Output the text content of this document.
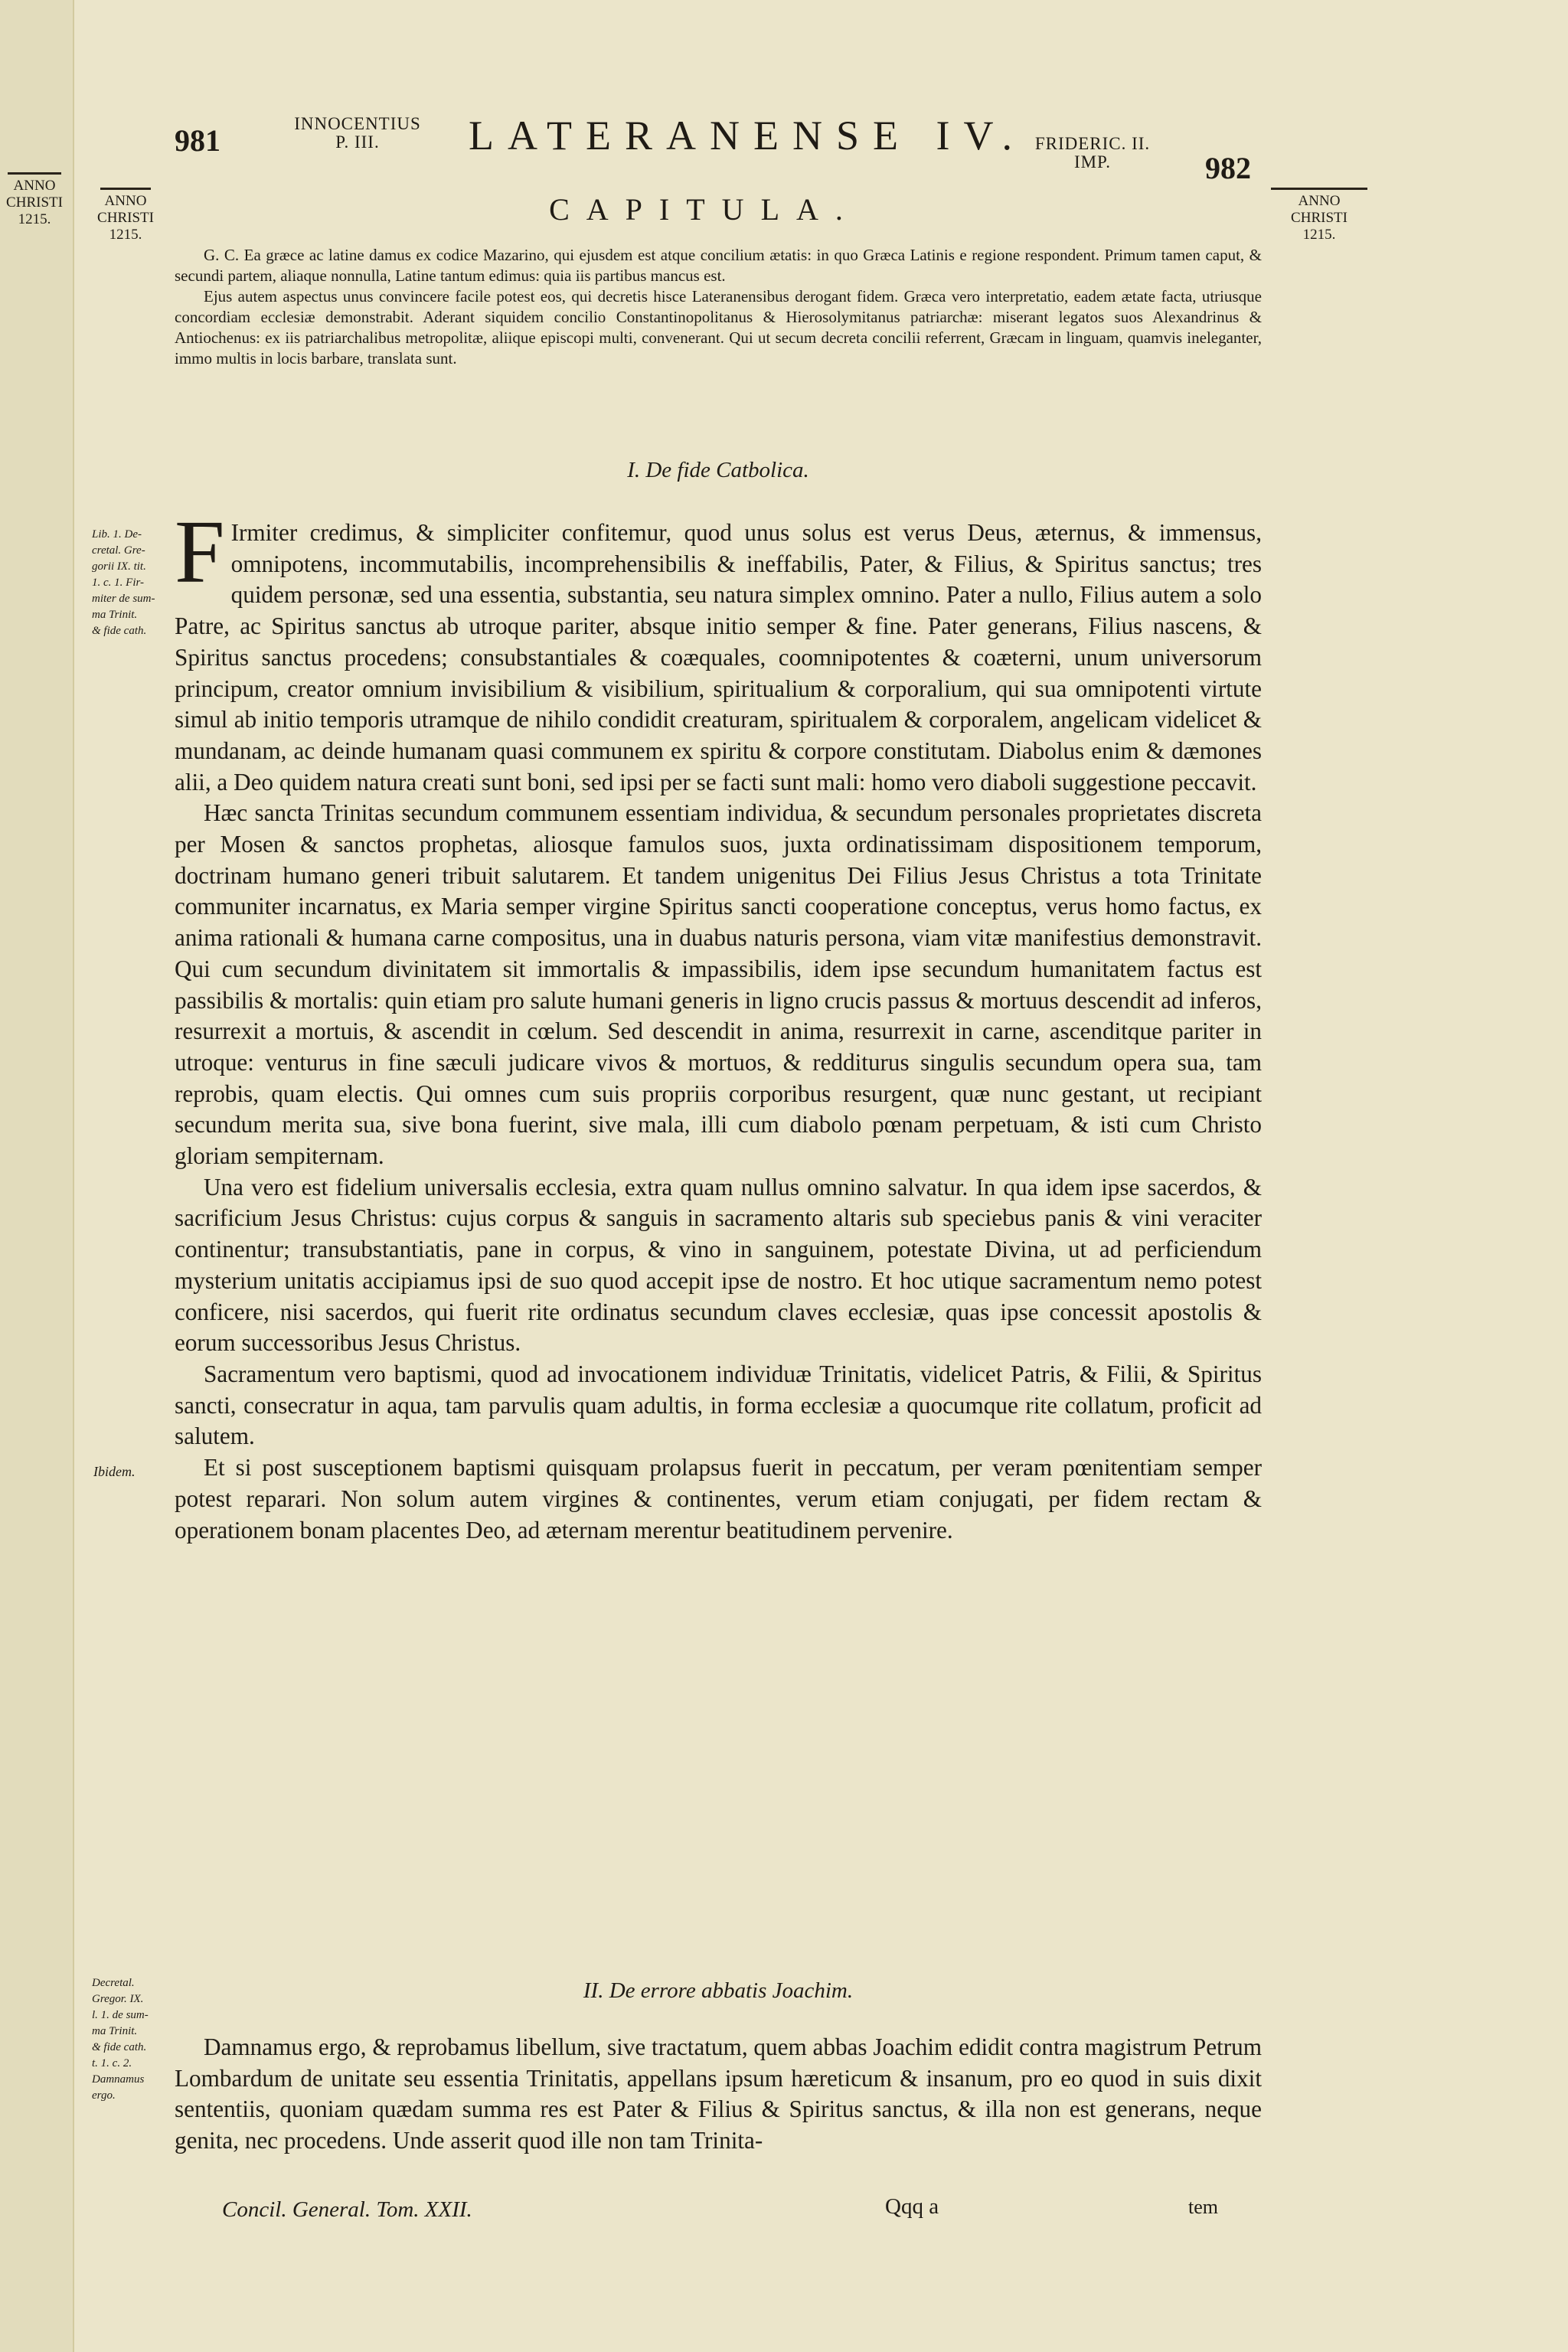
ANNO
CHRISTI
1215.
981	INNOCENTIUS
P. III.	LATERANENSE IV. FRIDERIC. II.
IMP.	982
ANNO
CHRISTI
1215.
ANNO
CHRISTI
1215.
CAPITULA.

G. C. Ea græce ac latine damus ex codice Mazarino, qui ejusdem est atque concilium ætatis: in quo Græca Latinis e regione respondent. Primum tamen caput, & secundi partem, aliaque nonnulla, Latine tantum edimus: quia iis partibus mancus est.

Ejus autem aspectus unus convincere facile potest eos, qui decretis hisce Lateranensibus derogant fidem. Græca vero interpretatio, eadem ætate facta, utriusque concordiam ecclesiæ demonstrabit. Aderant siquidem concilio Constantinopolitanus & Hierosolymitanus patriarchæ: miserant legatos suos Alexandrinus & Antiochenus: ex iis patriarchalibus metropolitæ, aliique episcopi multi, convenerant. Qui ut secum decreta concilii referrent, Græcam in linguam, quamvis ineleganter, immo multis in locis barbare, translata sunt.

I. De fide Catbolica.
Lib. 1. De-
cretal. Gre-
gorii IX. tit.
1. c. 1. Fir-
miter de sum-
ma Trinit.
& fide cath.

F Irmiter credimus, & simpliciter confitemur, quod unus solus est verus Deus, æternus, & immensus, omnipotens, incommutabilis, incomprehensibilis & ineffabilis, Pater, & Filius, & Spiritus sanctus; tres quidem personæ, sed una essentia, substantia, seu natura simplex omnino. Pater a nullo, Filius autem a solo Patre, ac Spiritus sanctus ab utroque pariter, absque initio semper & fine. Pater generans, Filius nascens, & Spiritus sanctus procedens; consubstantiales & coæquales, coomnipotentes & coæterni, unum universorum principum, creator omnium invisibilium & visibilium, spiritualium & corporalium, qui sua omnipotenti virtute simul ab initio temporis utramque de nihilo condidit creaturam, spiritualem & corporalem, angelicam videlicet & mundanam, ac deinde humanam quasi communem ex spiritu & corpore constitutam. Diabolus enim & dæmones alii, a Deo quidem natura creati sunt boni, sed ipsi per se facti sunt mali: homo vero diaboli suggestione peccavit.

Hæc sancta Trinitas secundum communem essentiam individua, & secundum personales proprietates discreta per Mosen & sanctos prophetas, aliosque famulos suos, juxta ordinatissimam dispositionem temporum, doctrinam humano generi tribuit salutarem. Et tandem unigenitus Dei Filius Jesus Christus a tota Trinitate communiter incarnatus, ex Maria semper virgine Spiritus sancti cooperatione conceptus, verus homo factus, ex anima rationali & humana carne compositus, una in duabus naturis persona, viam vitæ manifestius demonstravit. Qui cum secundum divinitatem sit immortalis & impassibilis, idem ipse secundum humanitatem factus est passibilis & mortalis: quin etiam pro salute humani generis in ligno crucis passus & mortuus descendit ad inferos, resurrexit a mortuis, & ascendit in cœlum. Sed descendit in anima, resurrexit in carne, ascenditque pariter in utroque: venturus in fine sæculi judicare vivos & mortuos, & redditurus singulis secundum opera sua, tam reprobis, quam electis. Qui omnes cum suis propriis corporibus resurgent, quæ nunc gestant, ut recipiant secundum merita sua, sive bona fuerint, sive mala, illi cum diabolo pœnam perpetuam, & isti cum Christo gloriam sempiternam.

Una vero est fidelium universalis ecclesia, extra quam nullus omnino salvatur. In qua idem ipse sacerdos, & sacrificium Jesus Christus: cujus corpus & sanguis in sacramento altaris sub speciebus panis & vini veraciter continentur; transubstantiatis, pane in corpus, & vino in sanguinem, potestate Divina, ut ad perficiendum mysterium unitatis accipiamus ipsi de suo quod accepit ipse de nostro. Et hoc utique sacramentum nemo potest conficere, nisi sacerdos, qui fuerit rite ordinatus secundum claves ecclesiæ, quas ipse concessit apostolis & eorum successoribus Jesus Christus.

Sacramentum vero baptismi, quod ad invocationem individuæ Trinitatis, videlicet Patris, & Filii, & Spiritus sancti, consecratur in aqua, tam parvulis quam adultis, in forma ecclesiæ a quocumque rite collatum, proficit ad salutem.

Et si post susceptionem baptismi quisquam prolapsus fuerit in peccatum, per veram pœnitentiam semper potest reparari. Non solum autem virgines & continentes, verum etiam conjugati, per fidem rectam & operationem bonam placentes Deo, ad æternam merentur beatitudinem pervenire.

Ibidem.
II. De errore abbatis Joachim.
Decretal.
Gregor. IX.
l. 1. de sum-
ma Trinit.
& fide cath.
t. 1. c. 2.
Damnamus
ergo.

Damnamus ergo, & reprobamus libellum, sive tractatum, quem abbas Joachim edidit contra magistrum Petrum Lombardum de unitate seu essentia Trinitatis, appellans ipsum hæreticum & insanum, pro eo quod in suis dixit sententiis, quoniam quædam summa res est Pater & Filius & Spiritus sanctus, & illa non est generans, neque genita, nec procedens. Unde asserit quod ille non tam Trinita-

Concil. General. Tom. XXII.	Qqq a	tem
